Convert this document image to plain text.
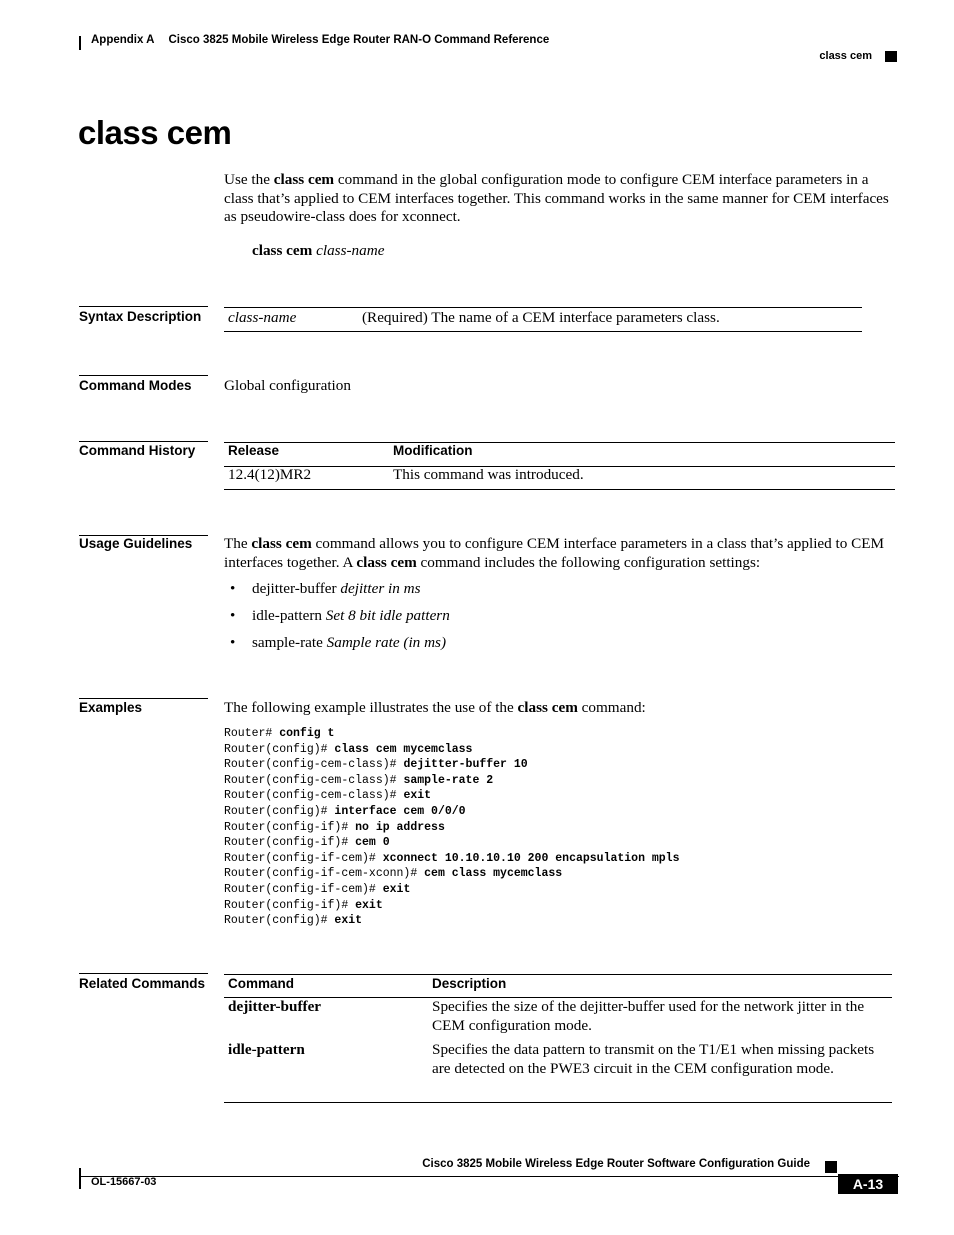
Appendix A Cisco 3825 Mobile Wireless Edge Router RAN-O Command Reference
class cem
class cem
Use the class cem command in the global configuration mode to configure CEM interface parameters in a class that’s applied to CEM interfaces together. This command works in the same manner for CEM interfaces as pseudowire-class does for xconnect.
class cem class-name
Syntax Description class-name	(Required) The name of a CEM interface parameters class.
Command Modes Global configuration
Command History Release	Modification
12.4(12)MR2	This command was introduced.
Usage Guidelines The class cem command allows you to configure CEM interface parameters in a class that’s applied to CEM interfaces together. A class cem command includes the following configuration settings:
• dejitter-buffer dejitter in ms
• idle-pattern Set 8 bit idle pattern
• sample-rate Sample rate (in ms)
Examples	The following example illustrates the use of the class cem command:
Router# config t
Router(config)# class cem mycemclass
Router(config-cem-class)# dejitter-buffer 10
Router(config-cem-class)# sample-rate 2
Router(config-cem-class)# exit
Router(config)# interface cem 0/0/0
Router(config-if)# no ip address
Router(config-if)# cem 0
Router(config-if-cem)# xconnect 10.10.10.10 200 encapsulation mpls
Router(config-if-cem-xconn)# cem class mycemclass
Router(config-if-cem)# exit
Router(config-if)# exit
Router(config)# exit
Related Commands Command	Description
dejitter-buffer	Specifies the size of the dejitter-buffer used for the network jitter in the CEM configuration mode.
idle-pattern	Specifies the data pattern to transmit on the T1/E1 when missing packets are detected on the PWE3 circuit in the CEM configuration mode.
Cisco 3825 Mobile Wireless Edge Router Software Configuration Guide
OL-15667-03	A-13
